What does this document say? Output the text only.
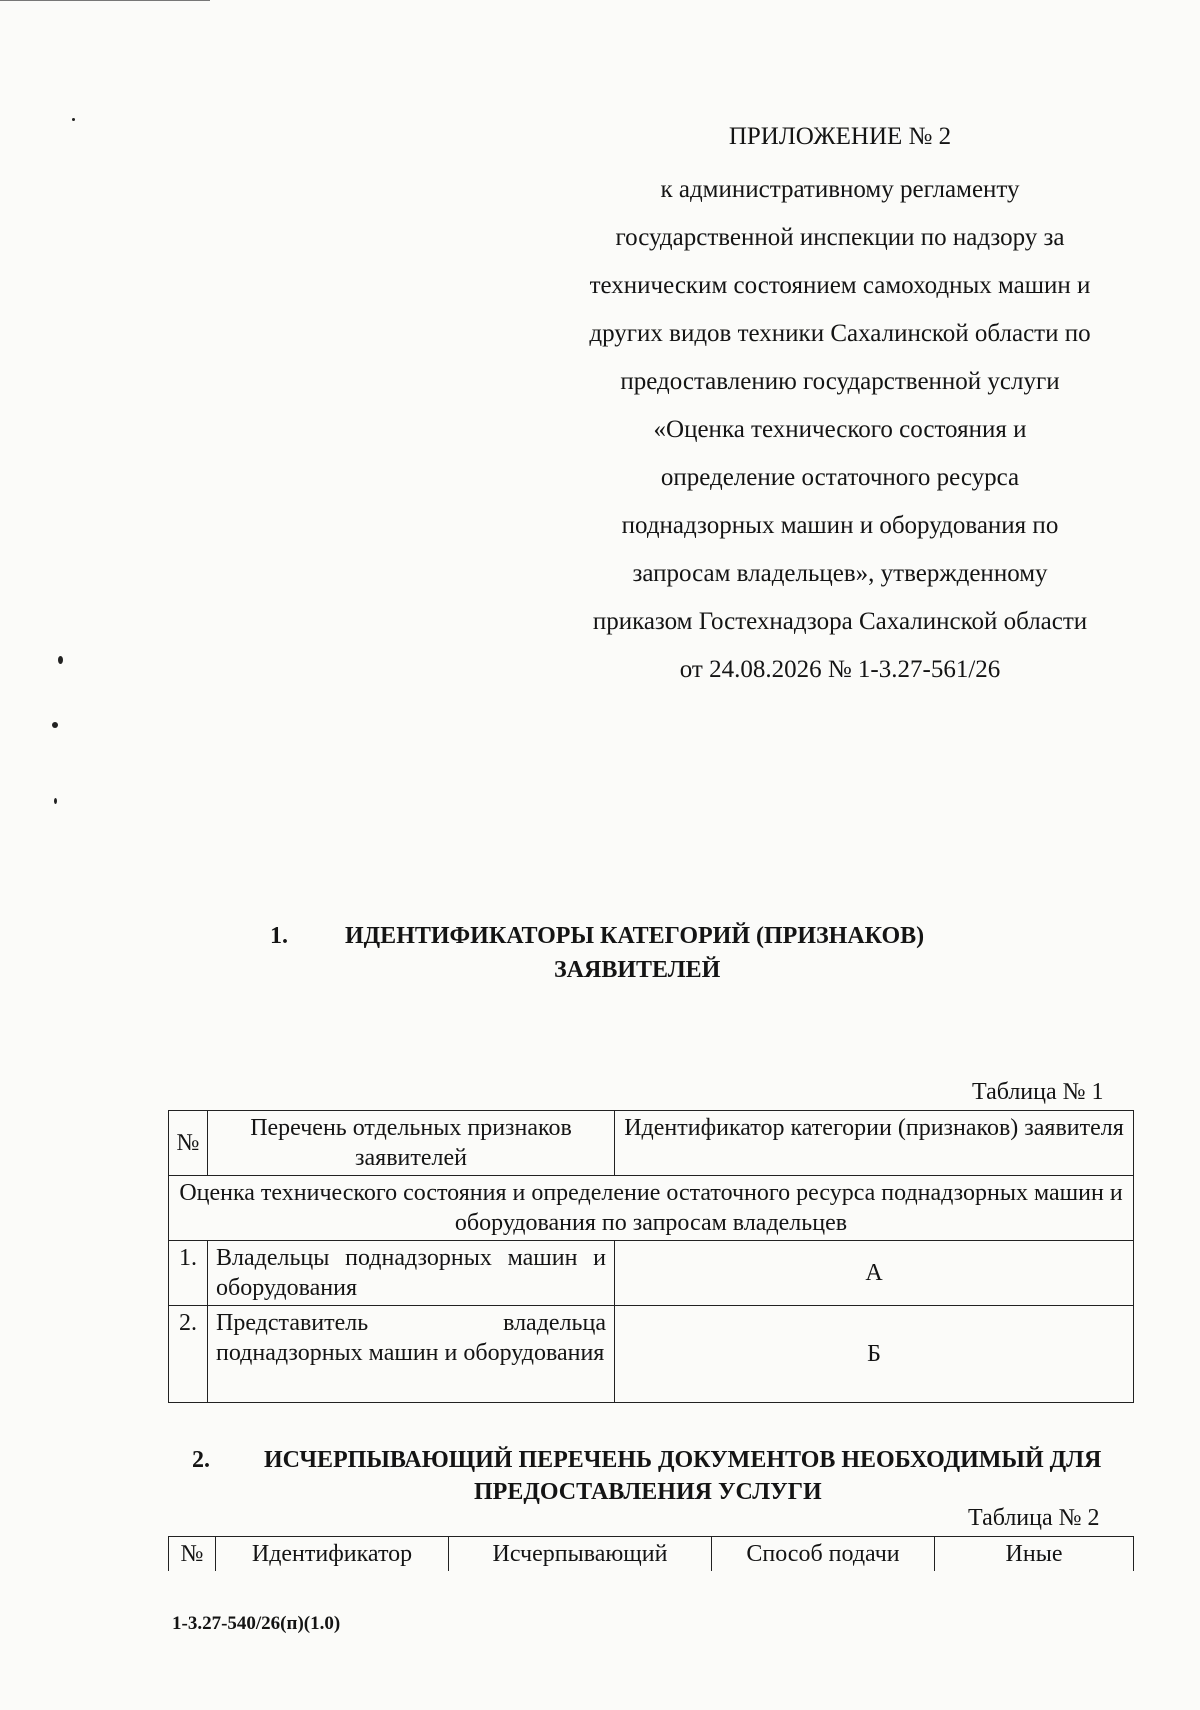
ПРИЛОЖЕНИЕ № 2
к административному регламенту
государственной инспекции по надзору за
техническим состоянием самоходных машин и
других видов техники Сахалинской области по
предоставлению государственной услуги
«Оценка технического состояния и
определение остаточного ресурса
поднадзорных машин и оборудования по
запросам владельцев», утвержденному
приказом Гостехнадзора Сахалинской области
от 24.08.2026 № 1-3.27-561/26
1. ИДЕНТИФИКАТОРЫ КАТЕГОРИЙ (ПРИЗНАКОВ)
ЗАЯВИТЕЛЕЙ
Таблица № 1
№	Перечень отдельных признаков заявителей	Идентификатор категории (признаков) заявителя
Оценка технического состояния и определение остаточного ресурса поднадзорных машин и оборудования по запросам владельцев		
1.	Владельцы поднадзорных машин и оборудования	А
2.	Представитель владельца поднадзорных машин и оборудования	Б
2. ИСЧЕРПЫВАЮЩИЙ ПЕРЕЧЕНЬ ДОКУМЕНТОВ НЕОБХОДИМЫЙ ДЛЯ
ПРЕДОСТАВЛЕНИЯ УСЛУГИ
Таблица № 2
№	Идентификатор	Исчерпывающий	Способ подачи	Иные
1-3.27-540/26(п)(1.0)
